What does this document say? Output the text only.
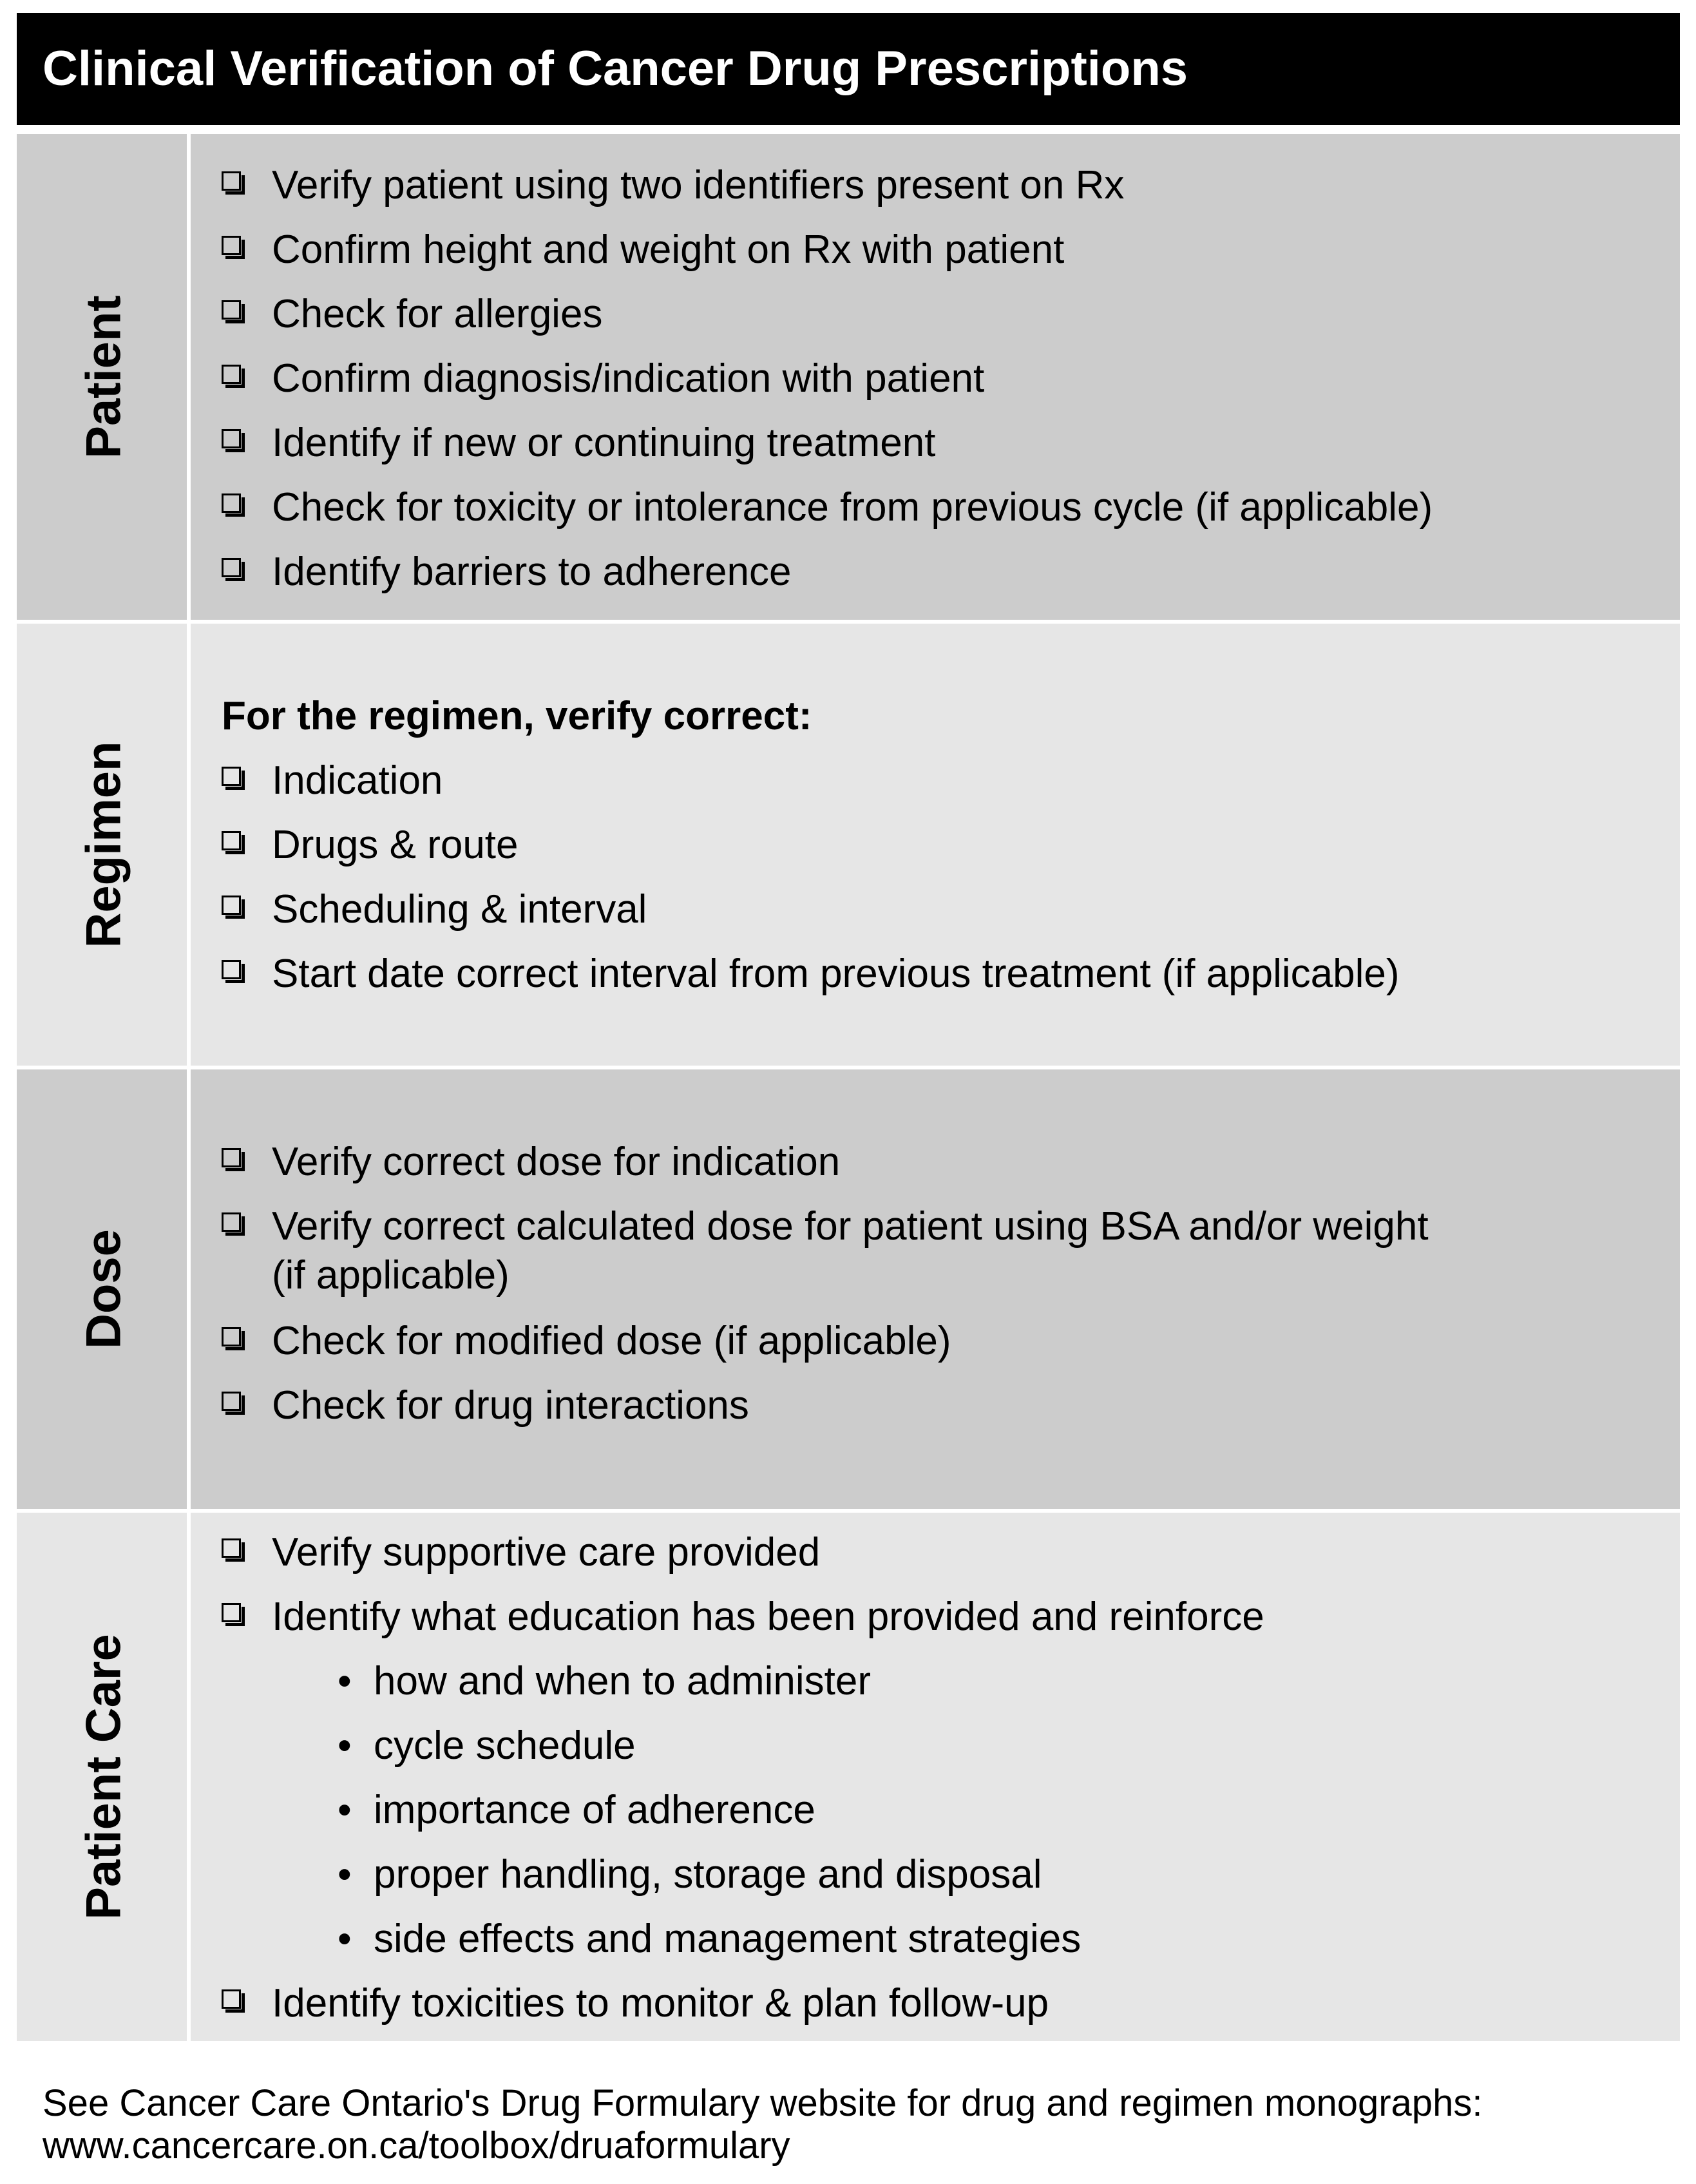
Clinical Verification of Cancer Drug Prescriptions
Patient
Verify patient using two identifiers present on Rx
Confirm height and weight on Rx with patient
Check for allergies
Confirm diagnosis/indication with patient
Identify if new or continuing treatment
Check for toxicity or intolerance from previous cycle (if applicable)
Identify barriers to adherence
Regimen
For the regimen, verify correct:
Indication
Drugs & route
Scheduling & interval
Start date correct interval from previous treatment (if applicable)
Dose
Verify correct dose for indication
Verify correct calculated dose for patient using BSA and/or weight
(if applicable)
Check for modified dose (if applicable)
Check for drug interactions
Patient Care
Verify supportive care provided
Identify what education has been provided and reinforce
• how and when to administer
• cycle schedule
• importance of adherence
• proper handling, storage and disposal
• side effects and management strategies
Identify toxicities to monitor & plan follow-up
See Cancer Care Ontario's Drug Formulary website for drug and regimen monographs:
www.cancercare.on.ca/toolbox/druaformulary
